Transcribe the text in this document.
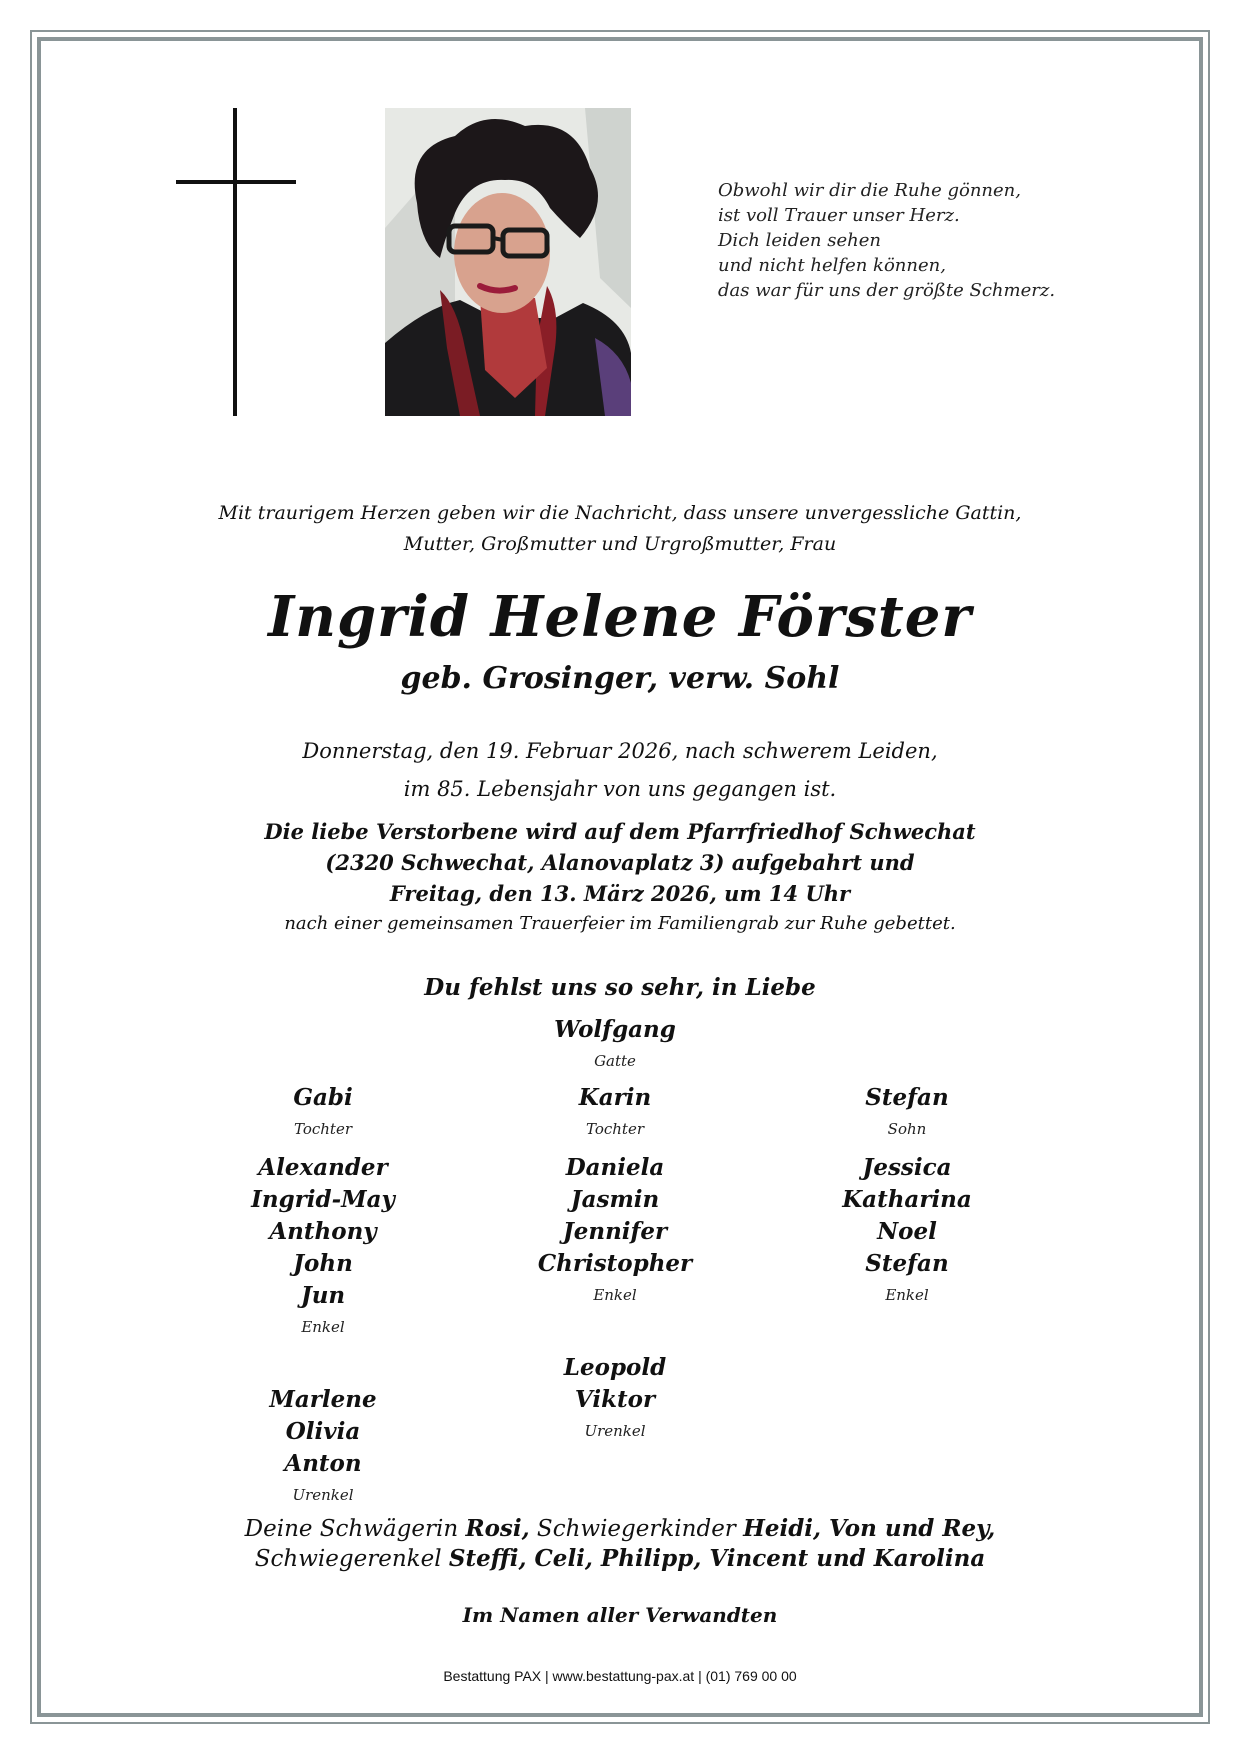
Obwohl wir dir die Ruhe gönnen,
ist voll Trauer unser Herz.
Dich leiden sehen
und nicht helfen können,
das war für uns der größte Schmerz.
Mit traurigem Herzen geben wir die Nachricht, dass unsere unvergessliche Gattin,
Mutter, Großmutter und Urgroßmutter, Frau
Ingrid Helene Förster
geb. Grosinger, verw. Sohl
Donnerstag, den 19. Februar 2026, nach schwerem Leiden,
im 85. Lebensjahr von uns gegangen ist.
Die liebe Verstorbene wird auf dem Pfarrfriedhof Schwechat
(2320 Schwechat, Alanovaplatz 3) aufgebahrt und
Freitag, den 13. März 2026, um 14 Uhr
nach einer gemeinsamen Trauerfeier im Familiengrab zur Ruhe gebettet.
Du fehlst uns so sehr, in Liebe
Wolfgang
Gatte
Gabi
Tochter
Karin
Tochter
Stefan
Sohn
Alexander
Ingrid-May
Anthony
John
Jun
Enkel
Daniela
Jasmin
Jennifer
Christopher
Enkel
Jessica
Katharina
Noel
Stefan
Enkel
Leopold
Viktor
Urenkel
Marlene
Olivia
Anton
Urenkel
Deine Schwägerin Rosi, Schwiegerkinder Heidi, Von und Rey,
Schwiegerenkel Steffi, Celi, Philipp, Vincent und Karolina
Im Namen aller Verwandten
Bestattung PAX | www.bestattung-pax.at | (01) 769 00 00
